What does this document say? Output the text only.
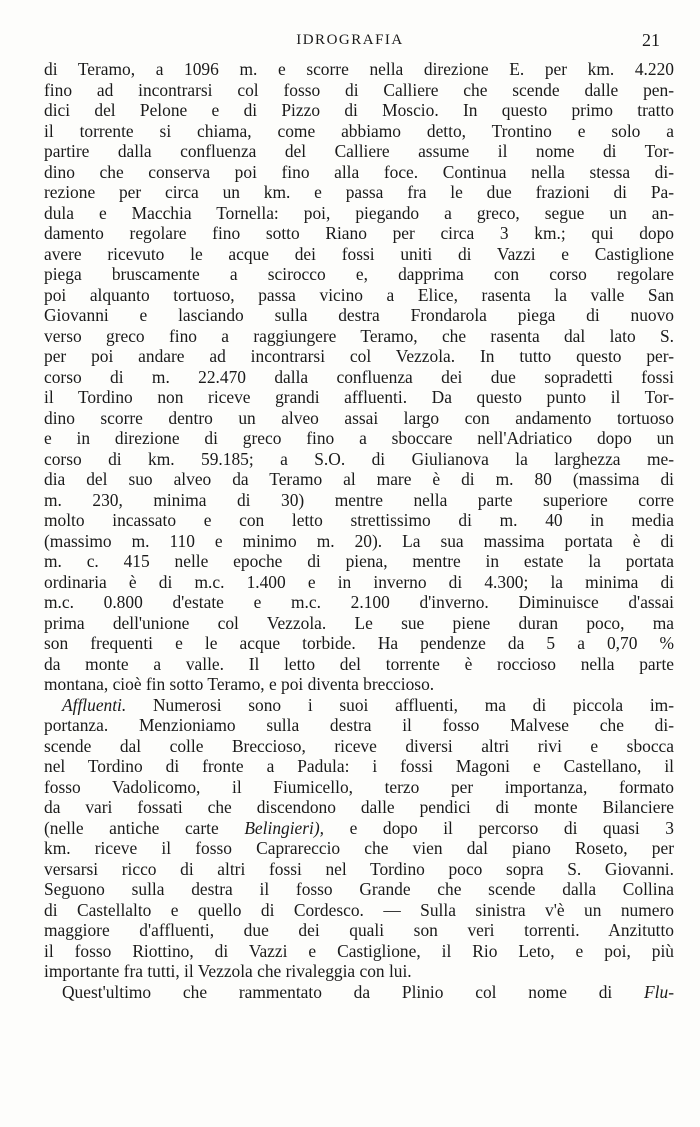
IDROGRAFIA	21
di Teramo, a 1096 m. e scorre nella direzione E. per km. 4.220
fino ad incontrarsi col fosso di Calliere che scende dalle pen-
dici del Pelone e di Pizzo di Moscio. In questo primo tratto
il torrente si chiama, come abbiamo detto, Trontino e solo a
partire dalla confluenza del Calliere assume il nome di Tor-
dino che conserva poi fino alla foce. Continua nella stessa di-
rezione per circa un km. e passa fra le due frazioni di Pa-
dula e Macchia Tornella: poi, piegando a greco, segue un an-
damento regolare fino sotto Riano per circa 3 km.; qui dopo
avere ricevuto le acque dei fossi uniti di Vazzi e Castiglione
piega bruscamente a scirocco e, dapprima con corso regolare
poi alquanto tortuoso, passa vicino a Elice, rasenta la valle San
Giovanni e lasciando sulla destra Frondarola piega di nuovo
verso greco fino a raggiungere Teramo, che rasenta dal lato S.
per poi andare ad incontrarsi col Vezzola. In tutto questo per-
corso di m. 22.470 dalla confluenza dei due sopradetti fossi
il Tordino non riceve grandi affluenti. Da questo punto il Tor-
dino scorre dentro un alveo assai largo con andamento tortuoso
e in direzione di greco fino a sboccare nell'Adriatico dopo un
corso di km. 59.185; a S.O. di Giulianova la larghezza me-
dia del suo alveo da Teramo al mare è di m. 80 (massima di
m. 230, minima di 30) mentre nella parte superiore corre
molto incassato e con letto strettissimo di m. 40 in media
(massimo m. 110 e minimo m. 20). La sua massima portata è di
m. c. 415 nelle epoche di piena, mentre in estate la portata
ordinaria è di m.c. 1.400 e in inverno di 4.300; la minima di
m.c. 0.800 d'estate e m.c. 2.100 d'inverno. Diminuisce d'assai
prima dell'unione col Vezzola. Le sue piene duran poco, ma
son frequenti e le acque torbide. Ha pendenze da 5 a 0,70 %
da monte a valle. Il letto del torrente è roccioso nella parte
montana, cioè fin sotto Teramo, e poi diventa breccioso.
Affluenti. Numerosi sono i suoi affluenti, ma di piccola im-
portanza. Menzioniamo sulla destra il fosso Malvese che di-
scende dal colle Breccioso, riceve diversi altri rivi e sbocca
nel Tordino di fronte a Padula: i fossi Magoni e Castellano, il
fosso Vadolicomo, il Fiumicello, terzo per importanza, formato
da vari fossati che discendono dalle pendici di monte Bilanciere
(nelle antiche carte Belingieri), e dopo il percorso di quasi 3
km. riceve il fosso Caprareccio che vien dal piano Roseto, per
versarsi ricco di altri fossi nel Tordino poco sopra S. Giovanni.
Seguono sulla destra il fosso Grande che scende dalla Collina
di Castellalto e quello di Cordesco. — Sulla sinistra v'è un numero
maggiore d'affluenti, due dei quali son veri torrenti. Anzitutto
il fosso Riottino, di Vazzi e Castiglione, il Rio Leto, e poi, più
importante fra tutti, il Vezzola che rivaleggia con lui.
Quest'ultimo che rammentato da Plinio col nome di Flu-
